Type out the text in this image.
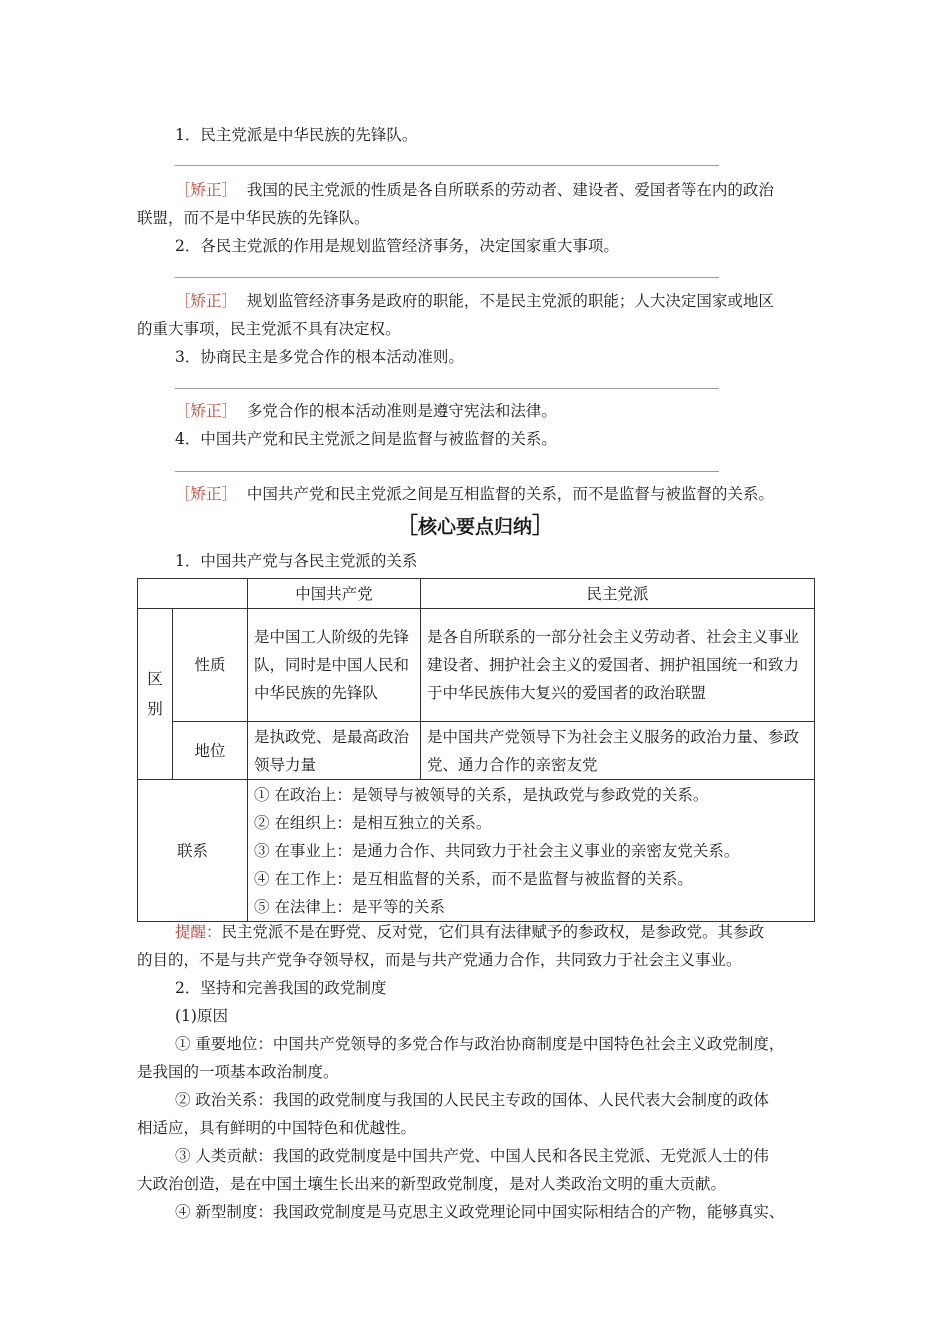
1．民主党派是中华民族的先锋队。
［矫正］ 我国的民主党派的性质是各自所联系的劳动者、建设者、爱国者等在内的政治
联盟，而不是中华民族的先锋队。
2．各民主党派的作用是规划监管经济事务，决定国家重大事项。
［矫正］ 规划监管经济事务是政府的职能，不是民主党派的职能；人大决定国家或地区
的重大事项，民主党派不具有决定权。
3．协商民主是多党合作的根本活动准则。
［矫正］ 多党合作的根本活动准则是遵守宪法和法律。
4．中国共产党和民主党派之间是监督与被监督的关系。
［矫正］ 中国共产党和民主党派之间是互相监督的关系，而不是监督与被监督的关系。
［核心要点归纳］
1．中国共产党与各民主党派的关系
		中国共产党	民主党派
区
别	性质	是中国工人阶级的先锋队，同时是中国人民和中华民族的先锋队	是各自所联系的一部分社会主义劳动者、社会主义事业建设者、拥护社会主义的爱国者、拥护祖国统一和致力于中华民族伟大复兴的爱国者的政治联盟
	地位	是执政党、是最高政治领导力量	是中国共产党领导下为社会主义服务的政治力量、参政党、通力合作的亲密友党
联系		① 在政治上：是领导与被领导的关系，是执政党与参政党的关系。
② 在组织上：是相互独立的关系。
③ 在事业上：是通力合作、共同致力于社会主义事业的亲密友党关系。
④ 在工作上：是互相监督的关系，而不是监督与被监督的关系。
⑤ 在法律上：是平等的关系	
提醒：民主党派不是在野党、反对党，它们具有法律赋予的参政权，是参政党。其参政
的目的，不是与共产党争夺领导权，而是与共产党通力合作，共同致力于社会主义事业。
2．坚持和完善我国的政党制度
(1)原因
① 重要地位：中国共产党领导的多党合作与政治协商制度是中国特色社会主义政党制度，
是我国的一项基本政治制度。
② 政治关系：我国的政党制度与我国的人民民主专政的国体、人民代表大会制度的政体
相适应，具有鲜明的中国特色和优越性。
③ 人类贡献：我国的政党制度是中国共产党、中国人民和各民主党派、无党派人士的伟
大政治创造，是在中国土壤生长出来的新型政党制度，是对人类政治文明的重大贡献。
④ 新型制度：我国政党制度是马克思主义政党理论同中国实际相结合的产物，能够真实、
